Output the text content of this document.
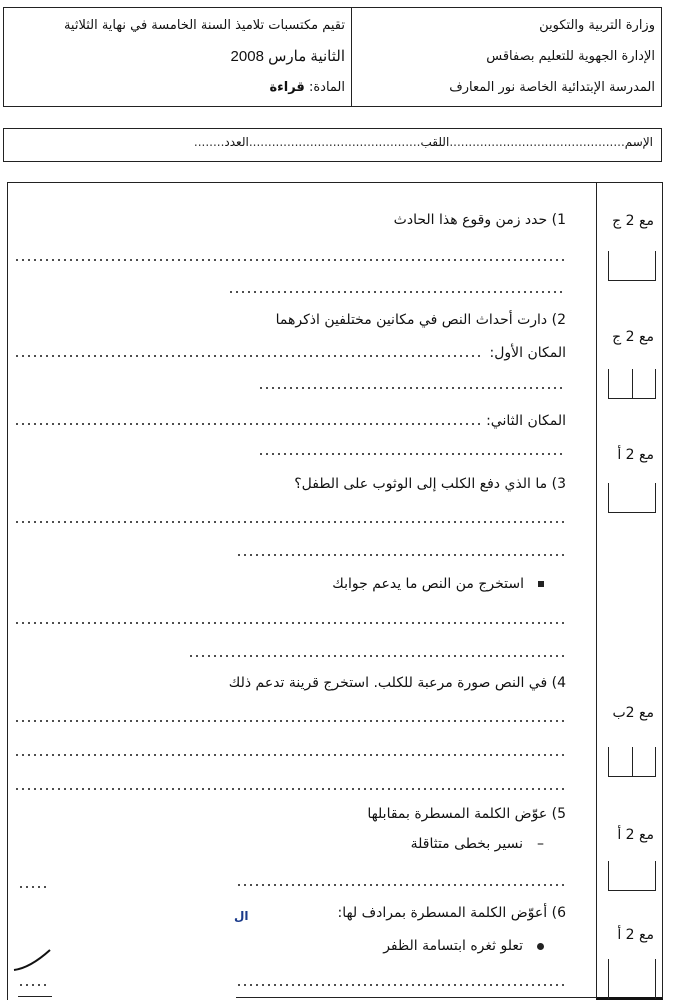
وزارة التربية والتكوين
الإدارة الجهوية للتعليم بصفاقس
المدرسة الإبتدائية الخاصة نور المعارف
تقيم مكتسبات تلاميذ السنة الخامسة في نهاية الثلاثية
الثانية مارس 2008
المادة: قراءة
الإسم..............................................اللقب.............................................العدد........
مع 2 ج
مع 2 ج
مع 2 أ
مع 2ب
مع 2 أ
مع 2 أ
1) حدد زمن وقوع هذا الحادث
2) دارت أحداث النص في مكانين مختلفين اذكرهما
المكان الأول:
المكان الثاني:
3) ما الذي دفع الكلب إلى الوثوب على الطفل؟
استخرج من النص ما يدعم جوابك
4) في النص صورة مرعبة للكلب. استخرج قرينة تدعم ذلك
5) عوّض الكلمة المسطرة بمقابلها
–نسير بخطى متثاقلة
6) أعوّض الكلمة المسطرة بمرادف لها:
ال
تعلو ثغره ابتسامة الظفر
